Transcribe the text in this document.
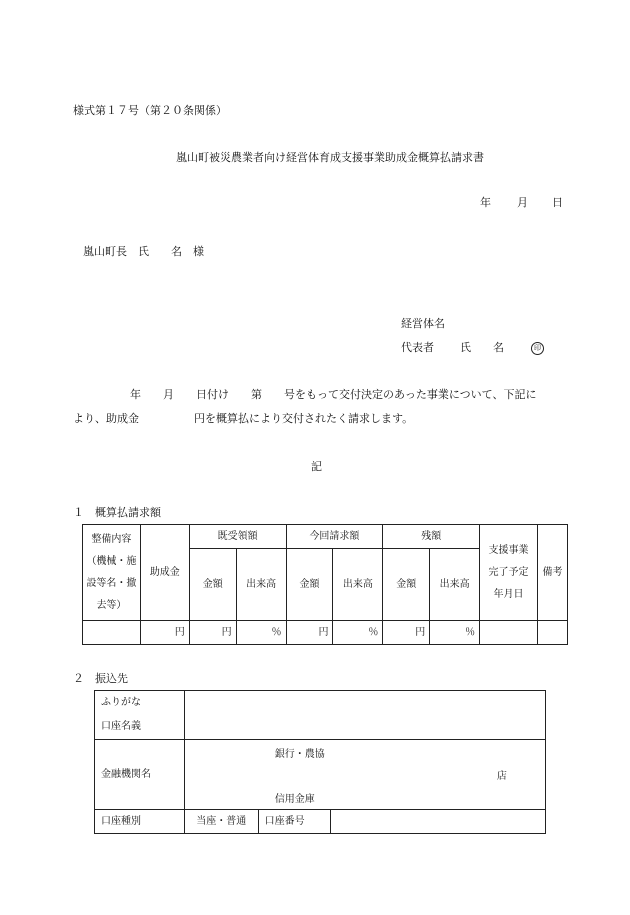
様式第１７号（第２０条関係）
嵐山町被災農業者向け経営体育成支援事業助成金概算払請求書
年 月 日
嵐山町長　氏　　名　様
経営体名
代表者 氏　　名	印
年　　月　　日付け　　第　　号をもって交付決定のあった事業について、下記に
より、助成金　　　　　円を概算払により交付されたく請求します。
記
１　概算払請求額
整備内容
（機械・施
設等名・撤
去等）	助成金	既受領額		今回請求額		残額		支援事業
完了予定
年月日	備考
		金額	出来高	金額	出来高	金額	出来高		
	円	円	％	円	％	円	％		
２　振込先
ふりがな
口座名義			

金融機関名	銀行・農協
店
信用金庫		

口座種別	当座・普通	口座番号	
